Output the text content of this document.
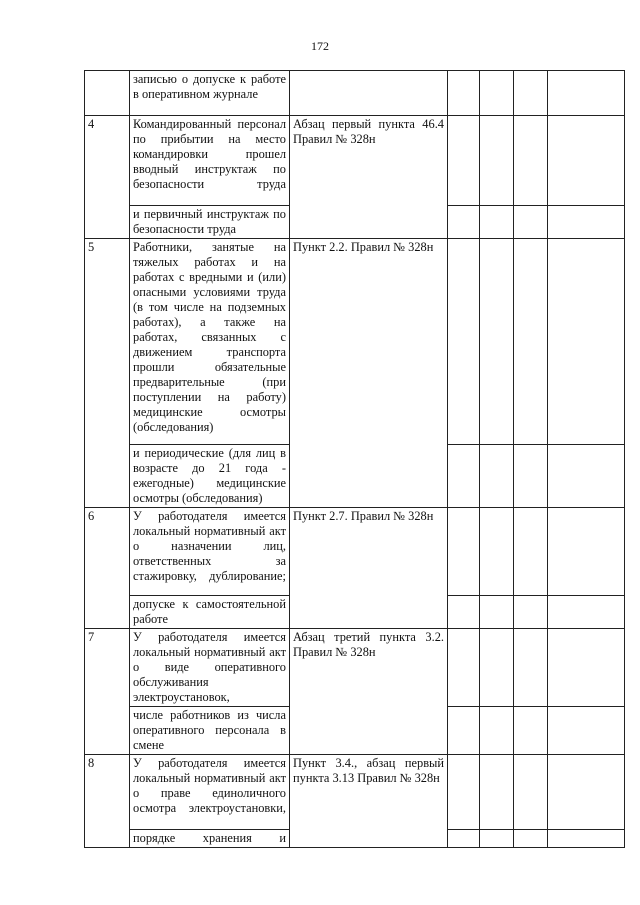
172
	записью о допуске к работе в оперативном журнале					
4	Командированный персонал по прибытии на место командировки прошел вводный инструктаж по безопасности труда	Абзац первый пункта 46.4 Правил № 328н				
	и первичный инструктаж по безопасности труда					
5	Работники, занятые на тяжелых работах и на работах с вредными и (или) опасными условиями труда (в том числе на подземных работах), а также на работах, связанных с движением транспорта прошли обязательные предварительные (при поступлении на работу) медицинские осмотры (обследования)	Пункт 2.2. Правил № 328н				
	и периодические (для лиц в возрасте до 21 года - ежегодные) медицинские осмотры (обследования)					
6	У работодателя имеется локальный нормативный акт о назначении лиц, ответственных за стажировку, дублирование;	Пункт 2.7. Правил № 328н				
	допуске к самостоятельной работе					
7	У работодателя имеется локальный нормативный акт о виде оперативного обслуживания электроустановок,	Абзац третий пункта 3.2. Правил № 328н				
	числе работников из числа оперативного персонала в смене					
8	У работодателя имеется локальный нормативный акт о праве единоличного осмотра электроустановки,	Пункт 3.4., абзац первый пункта 3.13 Правил № 328н				
	порядке хранения и					
